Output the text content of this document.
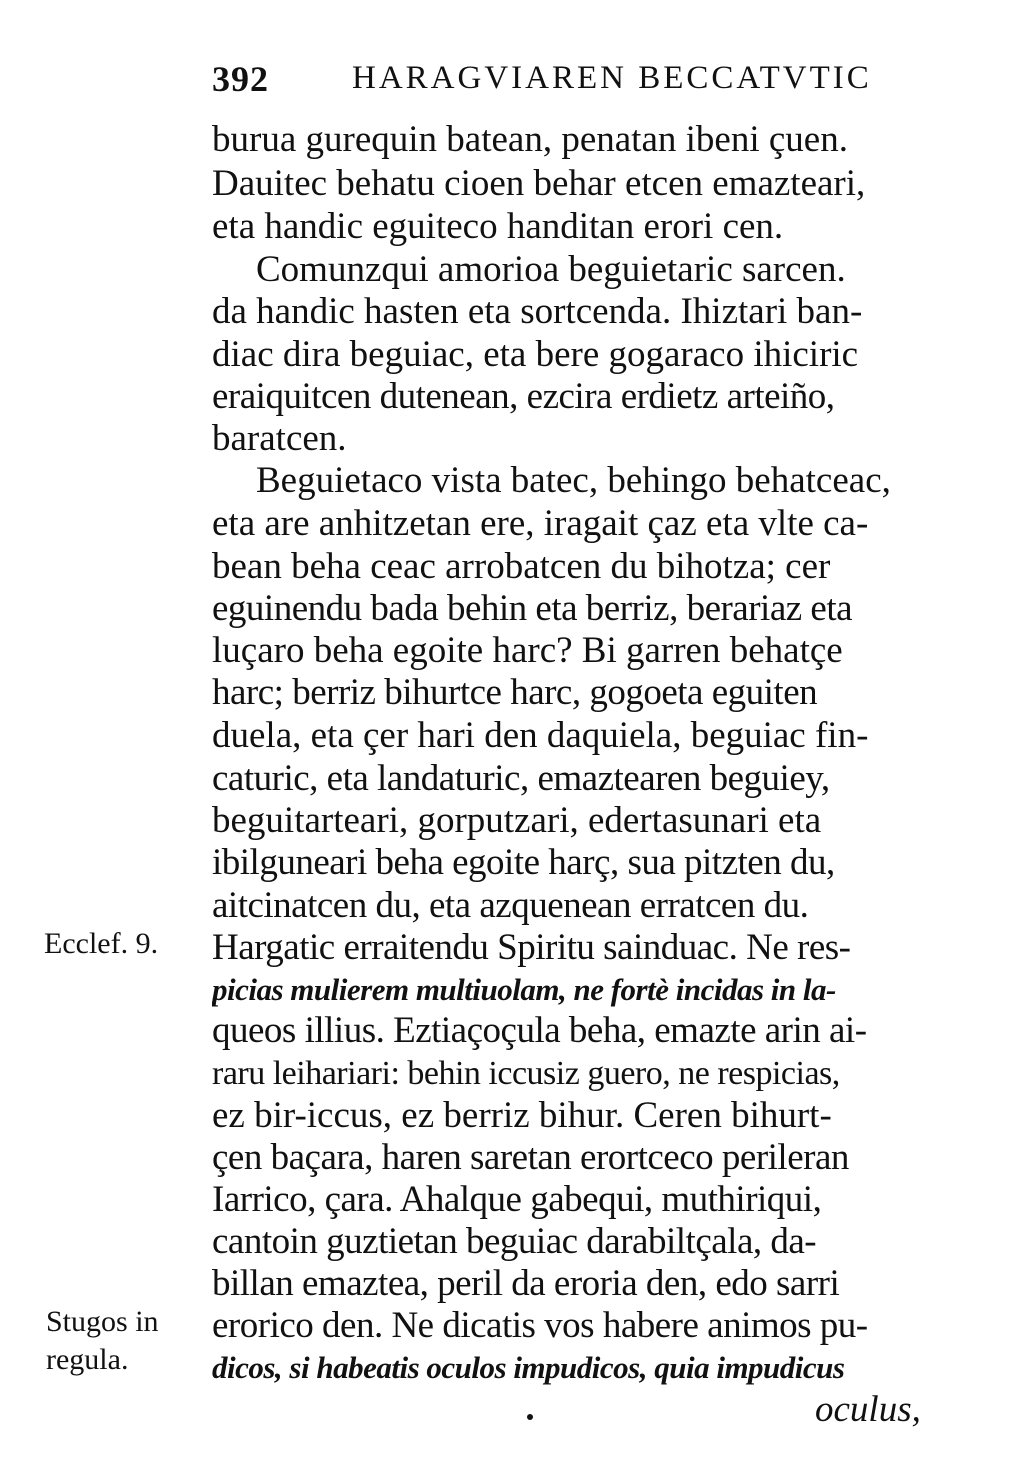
392	HARAGVIAREN BECCATVTIC
burua gurequin batean, penatan ibeni çuen.
Dauitec behatu cioen behar etcen emazteari,
eta handic eguiteco handitan erori cen.
Comunzqui amorioa beguietaric sarcen.
da handic hasten eta sortcenda. Ihiztari ban-
diac dira beguiac, eta bere gogaraco ihiciric
eraiquitcen dutenean, ezcira erdietz arteiño,
baratcen.
Beguietaco vista batec, behingo behatceac,
eta are anhitzetan ere, iragait çaz eta vlte ca-
bean beha ceac arrobatcen du bihotza; cer
eguinendu bada behin eta berriz, berariaz eta
luçaro beha egoite harc? Bi garren behatçe
harc; berriz bihurtce harc, gogoeta eguiten
duela, eta çer hari den daquiela, beguiac fin-
caturic, eta landaturic, emaztearen beguiey,
beguitarteari, gorputzari, edertasunari eta
ibilguneari beha egoite harç, sua pitzten du,
aitcinatcen du, eta azquenean erratcen du.
Hargatic erraitendu Spiritu sainduac. Ne res-
picias mulierem multiuolam, ne fortè incidas in la-
queos illius. Eztiaçoçula beha, emazte arin ai-
raru leihariari: behin iccusiz guero, ne respicias,
ez bir-iccus, ez berriz bihur. Ceren bihurt-
çen baçara, haren saretan erortceco perileran
Iarrico, çara. Ahalque gabequi, muthiriqui,
cantoin guztietan beguiac darabiltçala, da-
billan emaztea, peril da eroria den, edo sarri
erorico den. Ne dicatis vos habere animos pu-
dicos, si habeatis oculos impudicos, quia impudicus
oculus,
Ecclef. 9.
Stugos in
regula.
